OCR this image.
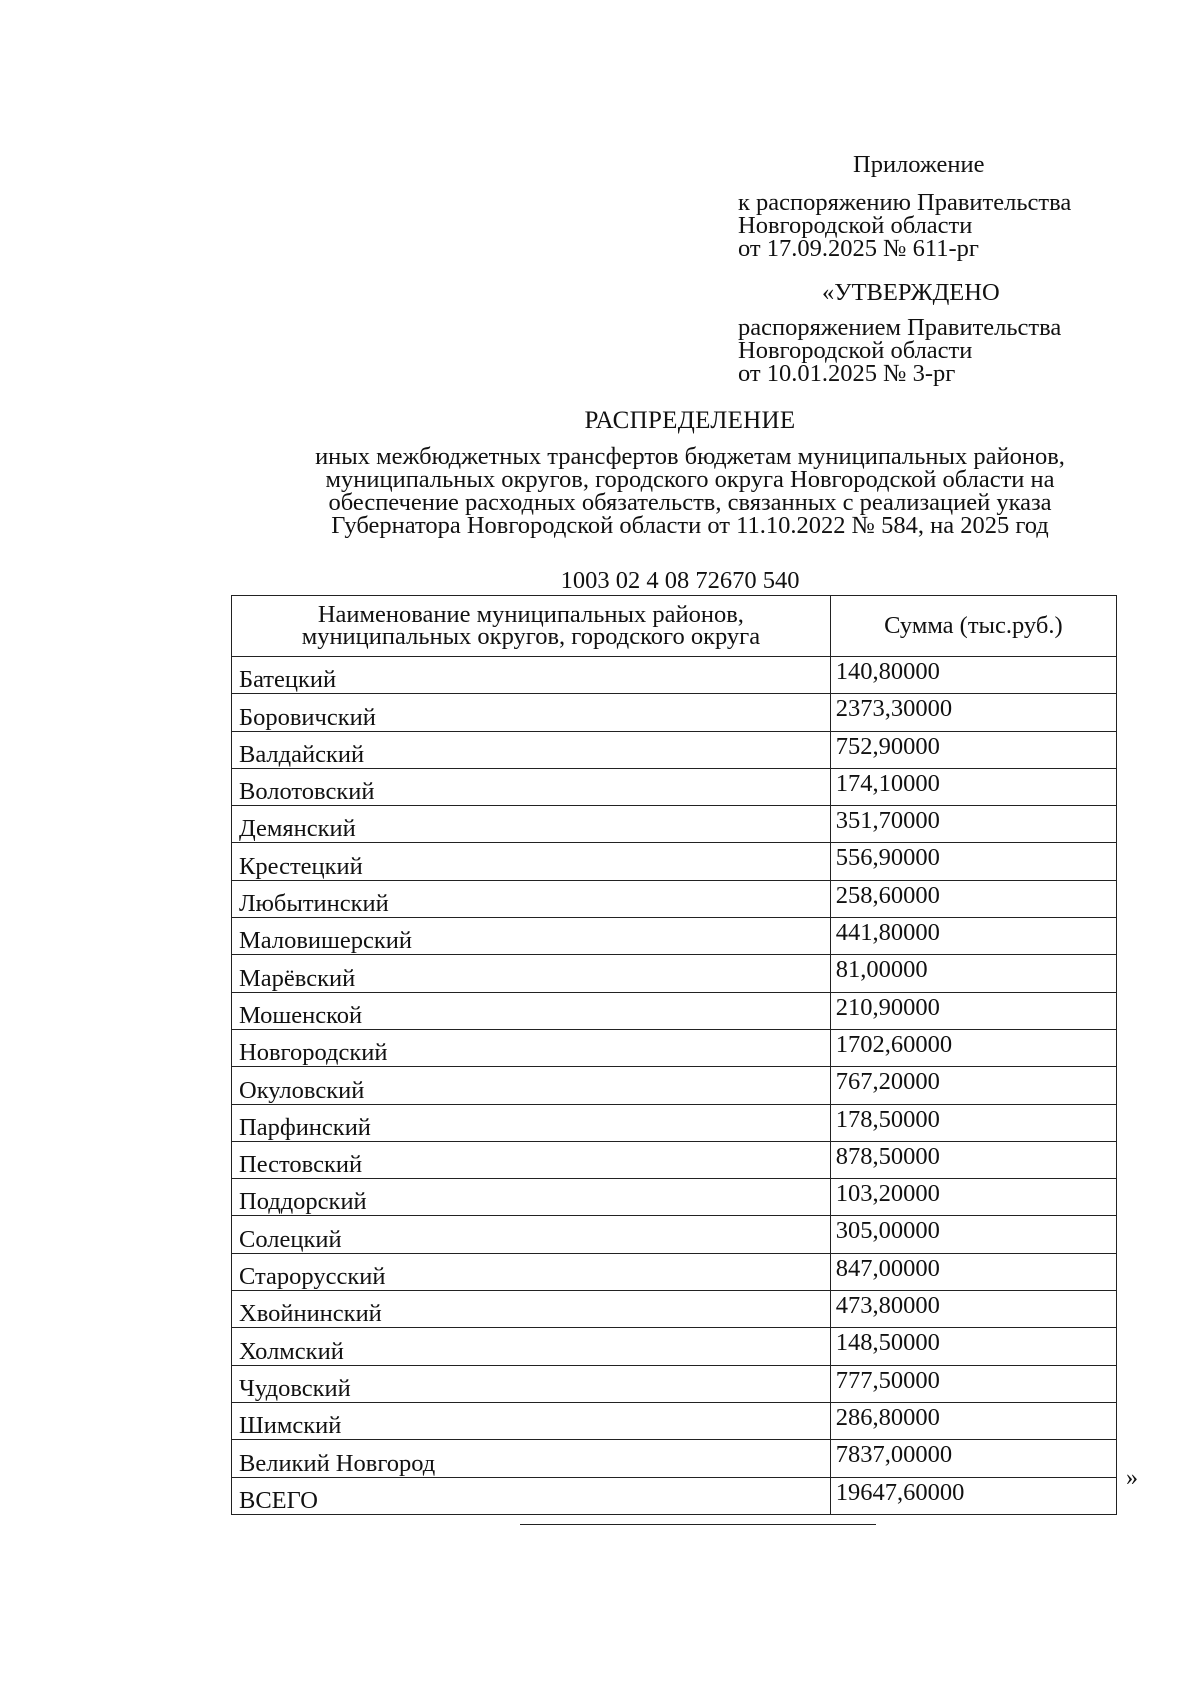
Приложение
к распоряжению Правительства
Новгородской области
от 17.09.2025 № 611-рг
«УТВЕРЖДЕНО
распоряжением Правительства
Новгородской области
от 10.01.2025 № 3-рг
РАСПРЕДЕЛЕНИЕ
иных межбюджетных трансфертов бюджетам муниципальных районов,
муниципальных округов, городского округа Новгородской области на
обеспечение расходных обязательств, связанных с реализацией указа
Губернатора Новгородской области от 11.10.2022 № 584, на 2025 год
1003 02 4 08 72670 540
Наименование муниципальных районов, муниципальных округов, городского округа	Сумма (тыс.руб.)
Батецкий	140,80000
Боровичский	2373,30000
Валдайский	752,90000
Волотовский	174,10000
Демянский	351,70000
Крестецкий	556,90000
Любытинский	258,60000
Маловишерский	441,80000
Марёвский	81,00000
Мошенской	210,90000
Новгородский	1702,60000
Окуловский	767,20000
Парфинский	178,50000
Пестовский	878,50000
Поддорский	103,20000
Солецкий	305,00000
Старорусский	847,00000
Хвойнинский	473,80000
Холмский	148,50000
Чудовский	777,50000
Шимский	286,80000
Великий Новгород	7837,00000
ВСЕГО	19647,60000
»
